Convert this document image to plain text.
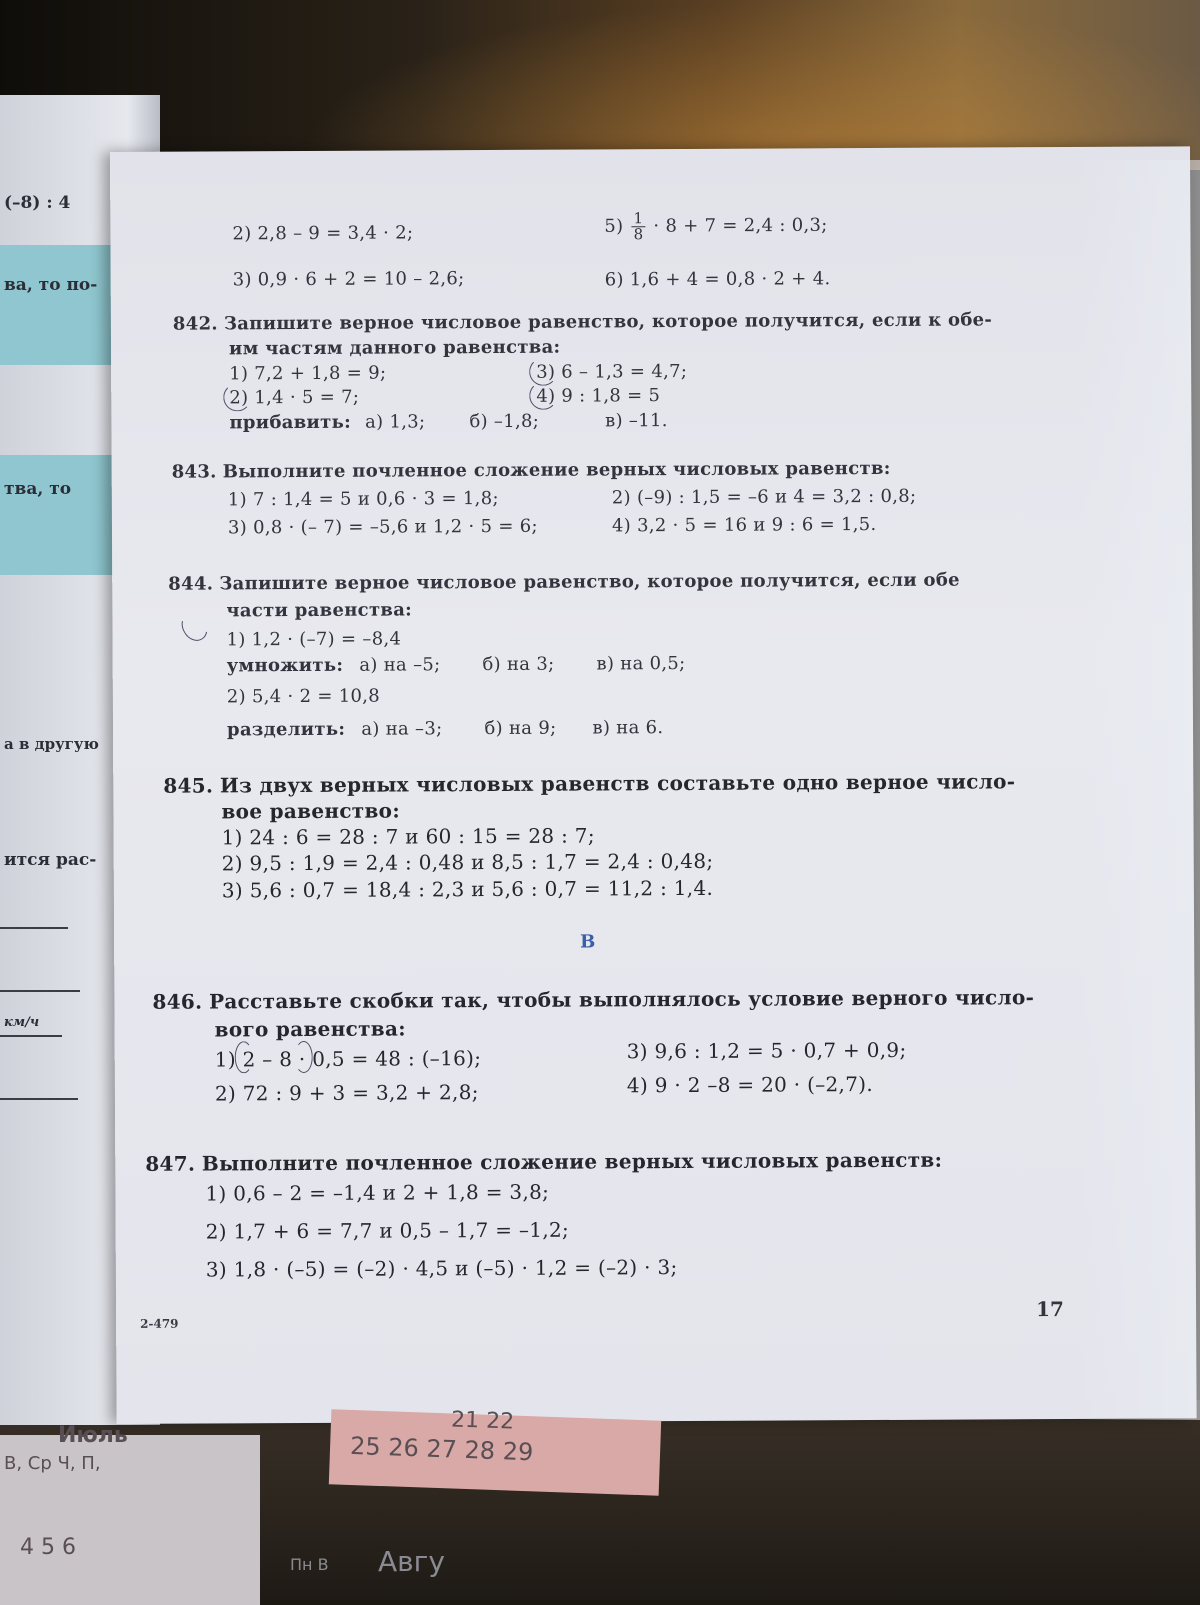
(–8) : 4
ва, то по-
тва, то
а в другую
ится рас-
км/ч
2) 2,8 – 9 = 3,4 · 2;
3) 0,9 · 6 + 2 = 10 – 2,6;
$5) \frac{1}{8} \cdot 8 + 7 = 2,4$ : 0,3;
6) 1,6 + 4 = 0,8 · 2 + 4.
842. Запишите верное числовое равенство, которое получится, если к обе-
им частям данного равенства:
1) 7,2 + 1,8 = 9;
2) 1,4 · 5 = 7;
3) 6 – 1,3 = 4,7;
4) 9 : 1,8 = 5
прибавить: а) 1,3; б) –1,8;	в) –11.
843. Выполните почленное сложение верных числовых равенств:
1) 7 : 1,4 = 5 и 0,6 · 3 = 1,8;	2) (–9) : 1,5 = –6 и 4 = 3,2 : 0,8;
3) 0,8 · (– 7) = –5,6 и 1,2 · 5 = 6;	4) 3,2 · 5 = 16 и 9 : 6 = 1,5.
844. Запишите верное числовое равенство, которое получится, если обе
части равенства:
1) 1,2 · (–7) = –8,4
умножить: а) на –5; б) на 3; в) на 0,5;
2) 5,4 · 2 = 10,8
разделить: а) на –3; б) на 9; в) на 6.
845. Из двух верных числовых равенств составьте одно верное число-
вое равенство:
1) 24 : 6 = 28 : 7 и 60 : 15 = 28 : 7;
2) 9,5 : 1,9 = 2,4 : 0,48 и 8,5 : 1,7 = 2,4 : 0,48;
3) 5,6 : 0,7 = 18,4 : 2,3 и 5,6 : 0,7 = 11,2 : 1,4.
В
846. Расставьте скобки так, чтобы выполнялось условие верного число-
вого равенства:
1) 2 – 8 · 0,5 = 48 : (–16);
2) 72 : 9 + 3 = 3,2 + 2,8;
3) 9,6 : 1,2 = 5 · 0,7 + 0,9;
4) 9 · 2 –8 = 20 · (–2,7).
847. Выполните почленное сложение верных числовых равенств:
1) 0,6 – 2 = –1,4 и 2 + 1,8 = 3,8;
2) 1,7 + 6 = 7,7 и 0,5 – 1,7 = –1,2;
3) 1,8 · (–5) = (–2) · 4,5 и (–5) · 1,2 = (–2) · 3;
2-479
17
21 22
25 26 27 28 29
Июль
В, Ср Ч, П,
4 5 6
Пн В Авгу
